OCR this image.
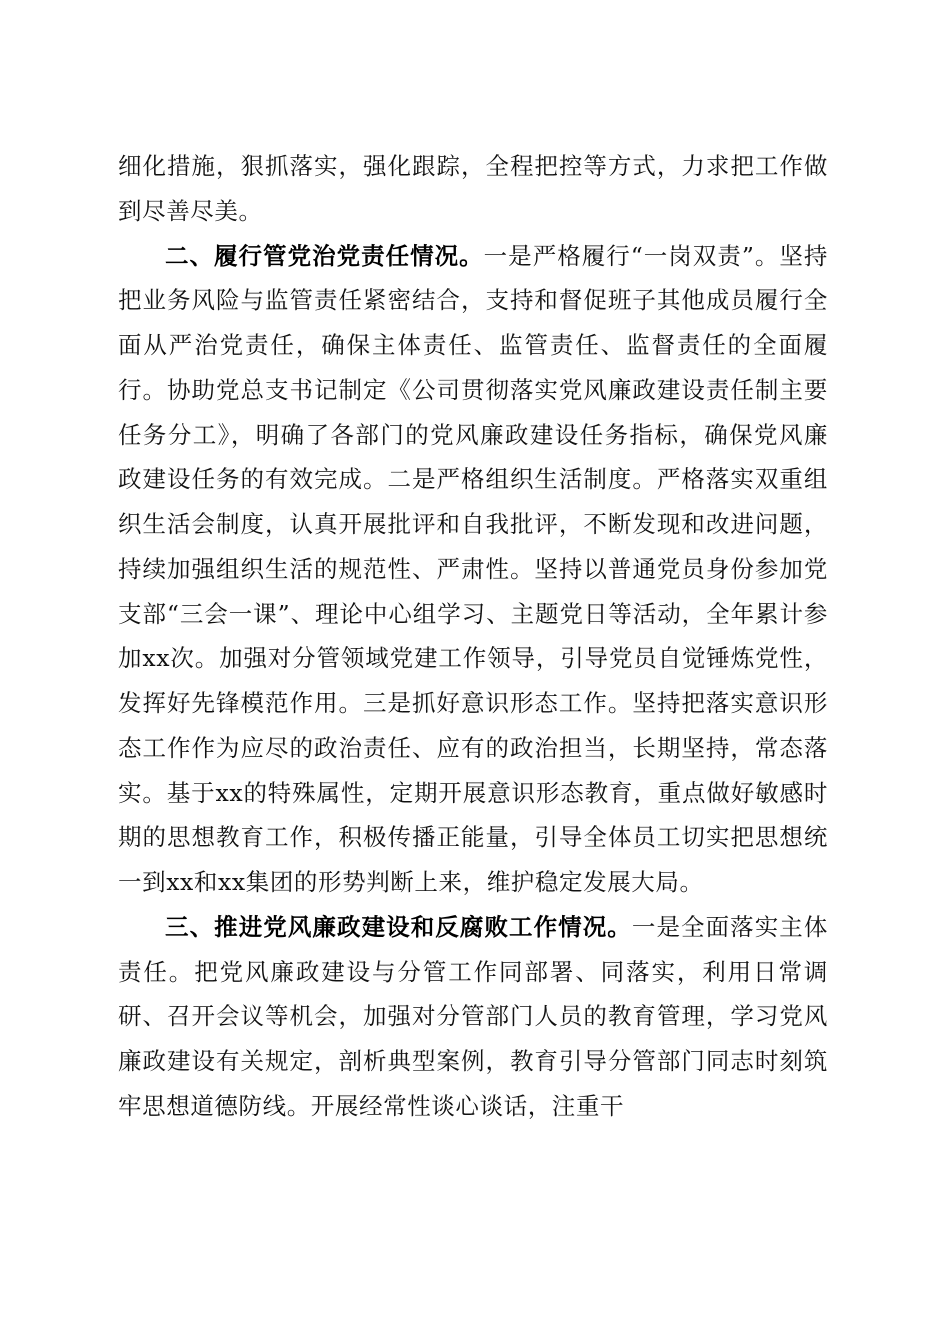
细化措施，狠抓落实，强化跟踪，全程把控等方式，力求把工作做到尽善尽美。

二、履行管党治党责任情况。一是严格履行“一岗双责”。坚持把业务风险与监管责任紧密结合，支持和督促班子其他成员履行全面从严治党责任，确保主体责任、监管责任、监督责任的全面履行。协助党总支书记制定《公司贯彻落实党风廉政建设责任制主要任务分工》，明确了各部门的党风廉政建设任务指标，确保党风廉政建设任务的有效完成。二是严格组织生活制度。严格落实双重组织生活会制度，认真开展批评和自我批评，不断发现和改进问题，持续加强组织生活的规范性、严肃性。坚持以普通党员身份参加党支部“三会一课”、理论中心组学习、主题党日等活动，全年累计参加xx次。加强对分管领域党建工作领导，引导党员自觉锤炼党性，发挥好先锋模范作用。三是抓好意识形态工作。坚持把落实意识形态工作作为应尽的政治责任、应有的政治担当，长期坚持，常态落实。基于xx的特殊属性，定期开展意识形态教育，重点做好敏感时期的思想教育工作，积极传播正能量，引导全体员工切实把思想统一到xx和xx集团的形势判断上来，维护稳定发展大局。

三、推进党风廉政建设和反腐败工作情况。一是全面落实主体责任。把党风廉政建设与分管工作同部署、同落实，利用日常调研、召开会议等机会，加强对分管部门人员的教育管理，学习党风廉政建设有关规定，剖析典型案例，教育引导分管部门同志时刻筑牢思想道德防线。开展经常性谈心谈话，注重干
